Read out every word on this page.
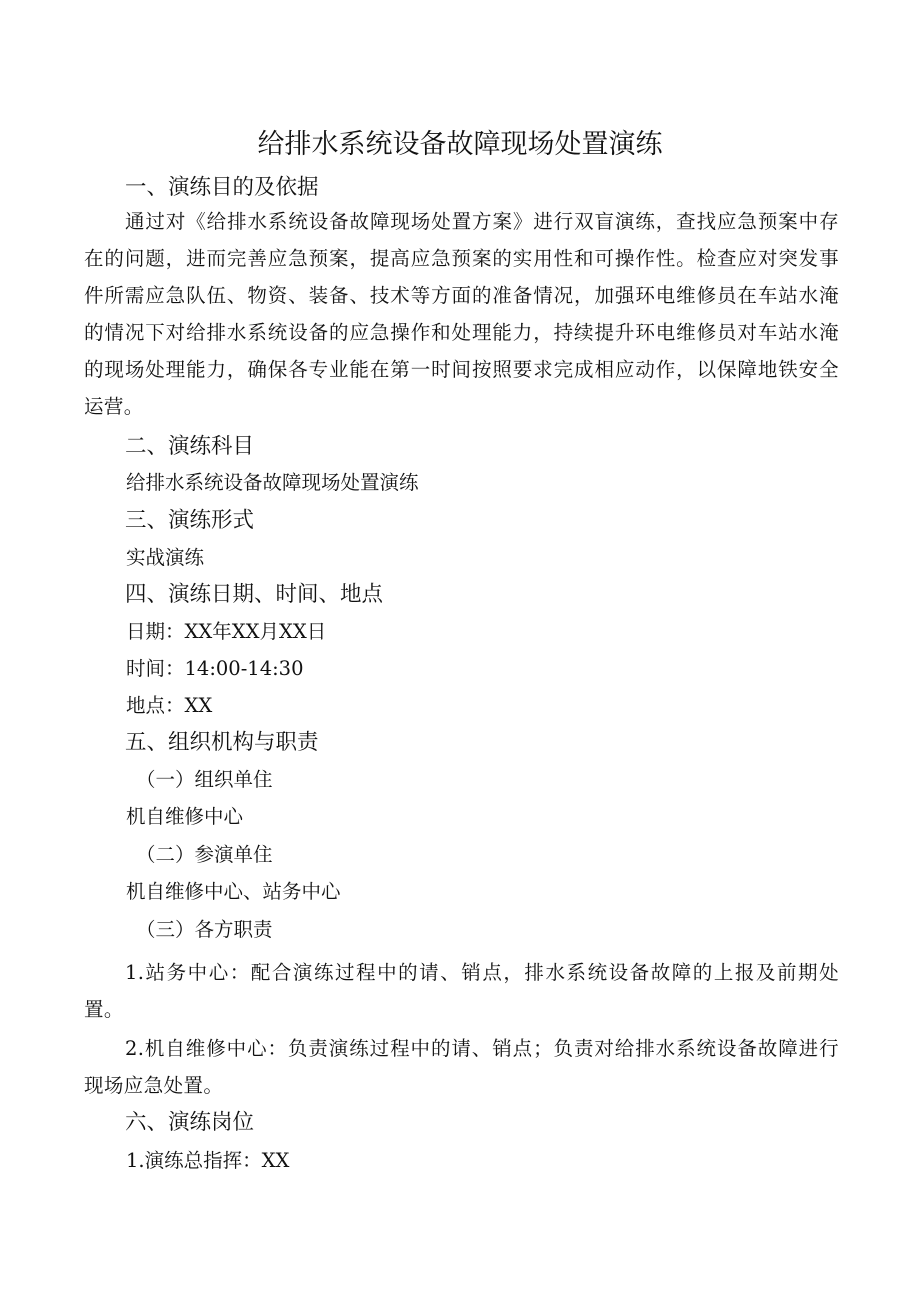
给排水系统设备故障现场处置演练
一、演练目的及依据

通过对《给排水系统设备故障现场处置方案》进行双盲演练，查找应急预案中存在的问题，进而完善应急预案，提高应急预案的实用性和可操作性。检查应对突发事件所需应急队伍、物资、装备、技术等方面的准备情况，加强环电维修员在车站水淹的情况下对给排水系统设备的应急操作和处理能力，持续提升环电维修员对车站水淹的现场处理能力，确保各专业能在第一时间按照要求完成相应动作，以保障地铁安全运营。

二、演练科目

给排水系统设备故障现场处置演练

三、演练形式

实战演练

四、演练日期、时间、地点

日期：XX年XX月XX日

时间：14:00-14:30

地点：XX

五、组织机构与职责

（一）组织单住

机自维修中心

（二）参演单住

机自维修中心、站务中心

（三）各方职责

1.站务中心：配合演练过程中的请、销点，排水系统设备故障的上报及前期处置。

2.机自维修中心：负责演练过程中的请、销点；负责对给排水系统设备故障进行现场应急处置。

六、演练岗位

1.演练总指挥：XX
